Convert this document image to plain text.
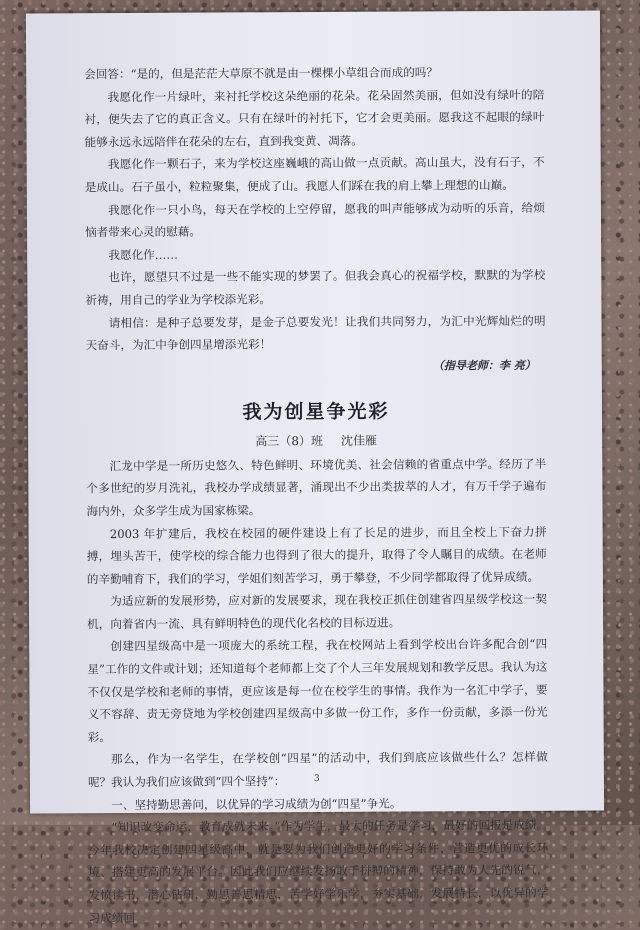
会回答：“是的，但是茫茫大草原不就是由一棵棵小草组合而成的吗？

我愿化作一片绿叶，来衬托学校这朵绝丽的花朵。花朵固然美丽，但如没有绿叶的陪衬，便失去了它的真正含义。只有在绿叶的衬托下，它才会更美丽。愿我这不起眼的绿叶能够永远永远陪伴在花朵的左右，直到我变黄、凋落。

我愿化作一颗石子，来为学校这座巍峨的高山做一点贡献。高山虽大，没有石子，不是成山。石子虽小，粒粒聚集，便成了山。我愿人们踩在我的肩上攀上理想的山巅。

我愿化作一只小鸟，每天在学校的上空停留，愿我的叫声能够成为动听的乐音，给烦恼者带来心灵的慰藉。

我愿化作……

也许，愿望只不过是一些不能实现的梦罢了。但我会真心的祝福学校，默默的为学校祈祷，用自己的学业为学校添光彩。

请相信：是种子总要发芽，是金子总要发光！让我们共同努力，为汇中光辉灿烂的明天奋斗，为汇中争创四星增添光彩！

（指导老师：李 亮）

我为创星争光彩

高三（8）班 沈佳雁

汇龙中学是一所历史悠久、特色鲜明、环境优美、社会信赖的省重点中学。经历了半个多世纪的岁月洗礼，我校办学成绩显著，涌现出不少出类拔萃的人才，有万千学子遍布海内外，众多学生成为国家栋梁。

2003 年扩建后，我校在校园的硬件建设上有了长足的进步，而且全校上下奋力拼搏，埋头苦干，使学校的综合能力也得到了很大的提升，取得了令人瞩目的成绩。在老师的辛勤哺育下，我们的学习，学姐们刻苦学习，勇于攀登，不少同学都取得了优异成绩。

为适应新的发展形势，应对新的发展要求，现在我校正抓住创建省四星级学校这一契机，向着省内一流、具有鲜明特色的现代化名校的目标迈进。

创建四星级高中是一项庞大的系统工程，我在校网站上看到学校出台许多配合创“四星”工作的文件或计划；还知道每个老师都上交了个人三年发展规划和教学反思。我认为这不仅仅是学校和老师的事情，更应该是每一位在校学生的事情。我作为一名汇中学子，要义不容辞、责无旁贷地为学校创建四星级高中多做一份工作，多作一份贡献，多添一份光彩。

那么，作为一名学生，在学校创“四星”的活动中，我们到底应该做些什么？怎样做呢？我认为我们应该做到“四个坚持”：

一、坚持勤思善问，以优异的学习成绩为创“四星”争光。

“知识改变命运，教育成就未来。”作为学生，最大的任务是学习，最好的回报是成绩。今年我校决定创建四星级高中，就是要为我们创造更好的学习条件、营造更优的成长环境、搭建更高的发展平台。因此我们应继续发扬敢于拼搏的精神，保持敢为人先的锐气，发愤读书，潜心钻研，勤思善思精思，苦学好学乐学，夯实基础，发展特长，以优异的学习成绩回

3
